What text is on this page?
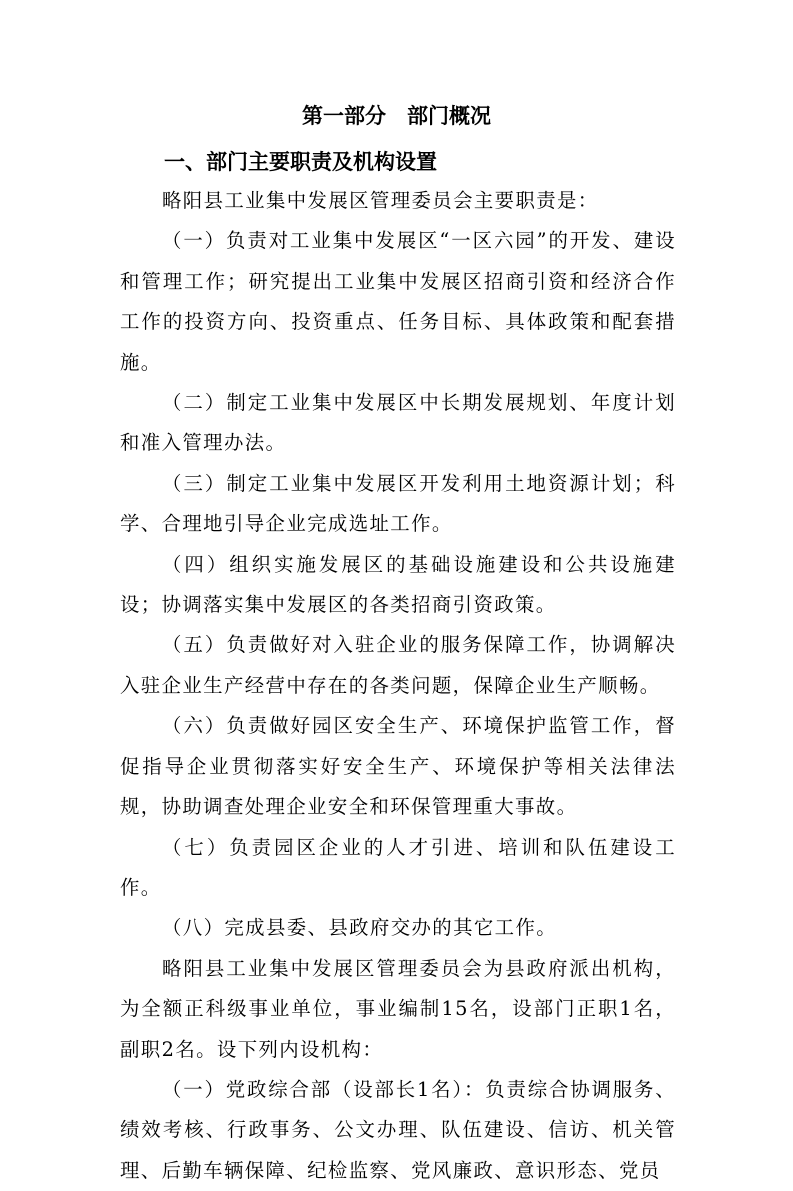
第一部分　部门概况
一、部门主要职责及机构设置

略阳县工业集中发展区管理委员会主要职责是：

（一）负责对工业集中发展区“一区六园”的开发、建设和管理工作；研究提出工业集中发展区招商引资和经济合作工作的投资方向、投资重点、任务目标、具体政策和配套措施。

（二）制定工业集中发展区中长期发展规划、年度计划和准入管理办法。

（三）制定工业集中发展区开发利用土地资源计划；科学、合理地引导企业完成选址工作。

（四）组织实施发展区的基础设施建设和公共设施建设；协调落实集中发展区的各类招商引资政策。

（五）负责做好对入驻企业的服务保障工作，协调解决入驻企业生产经营中存在的各类问题，保障企业生产顺畅。

（六）负责做好园区安全生产、环境保护监管工作，督促指导企业贯彻落实好安全生产、环境保护等相关法律法规，协助调查处理企业安全和环保管理重大事故。

（七）负责园区企业的人才引进、培训和队伍建设工作。

（八）完成县委、县政府交办的其它工作。

略阳县工业集中发展区管理委员会为县政府派出机构，为全额正科级事业单位，事业编制15名，设部门正职1名，副职2名。设下列内设机构：

（一）党政综合部（设部长1名）：负责综合协调服务、绩效考核、行政事务、公文办理、队伍建设、信访、机关管理、后勤车辆保障、纪检监察、党风廉政、意识形态、党员
